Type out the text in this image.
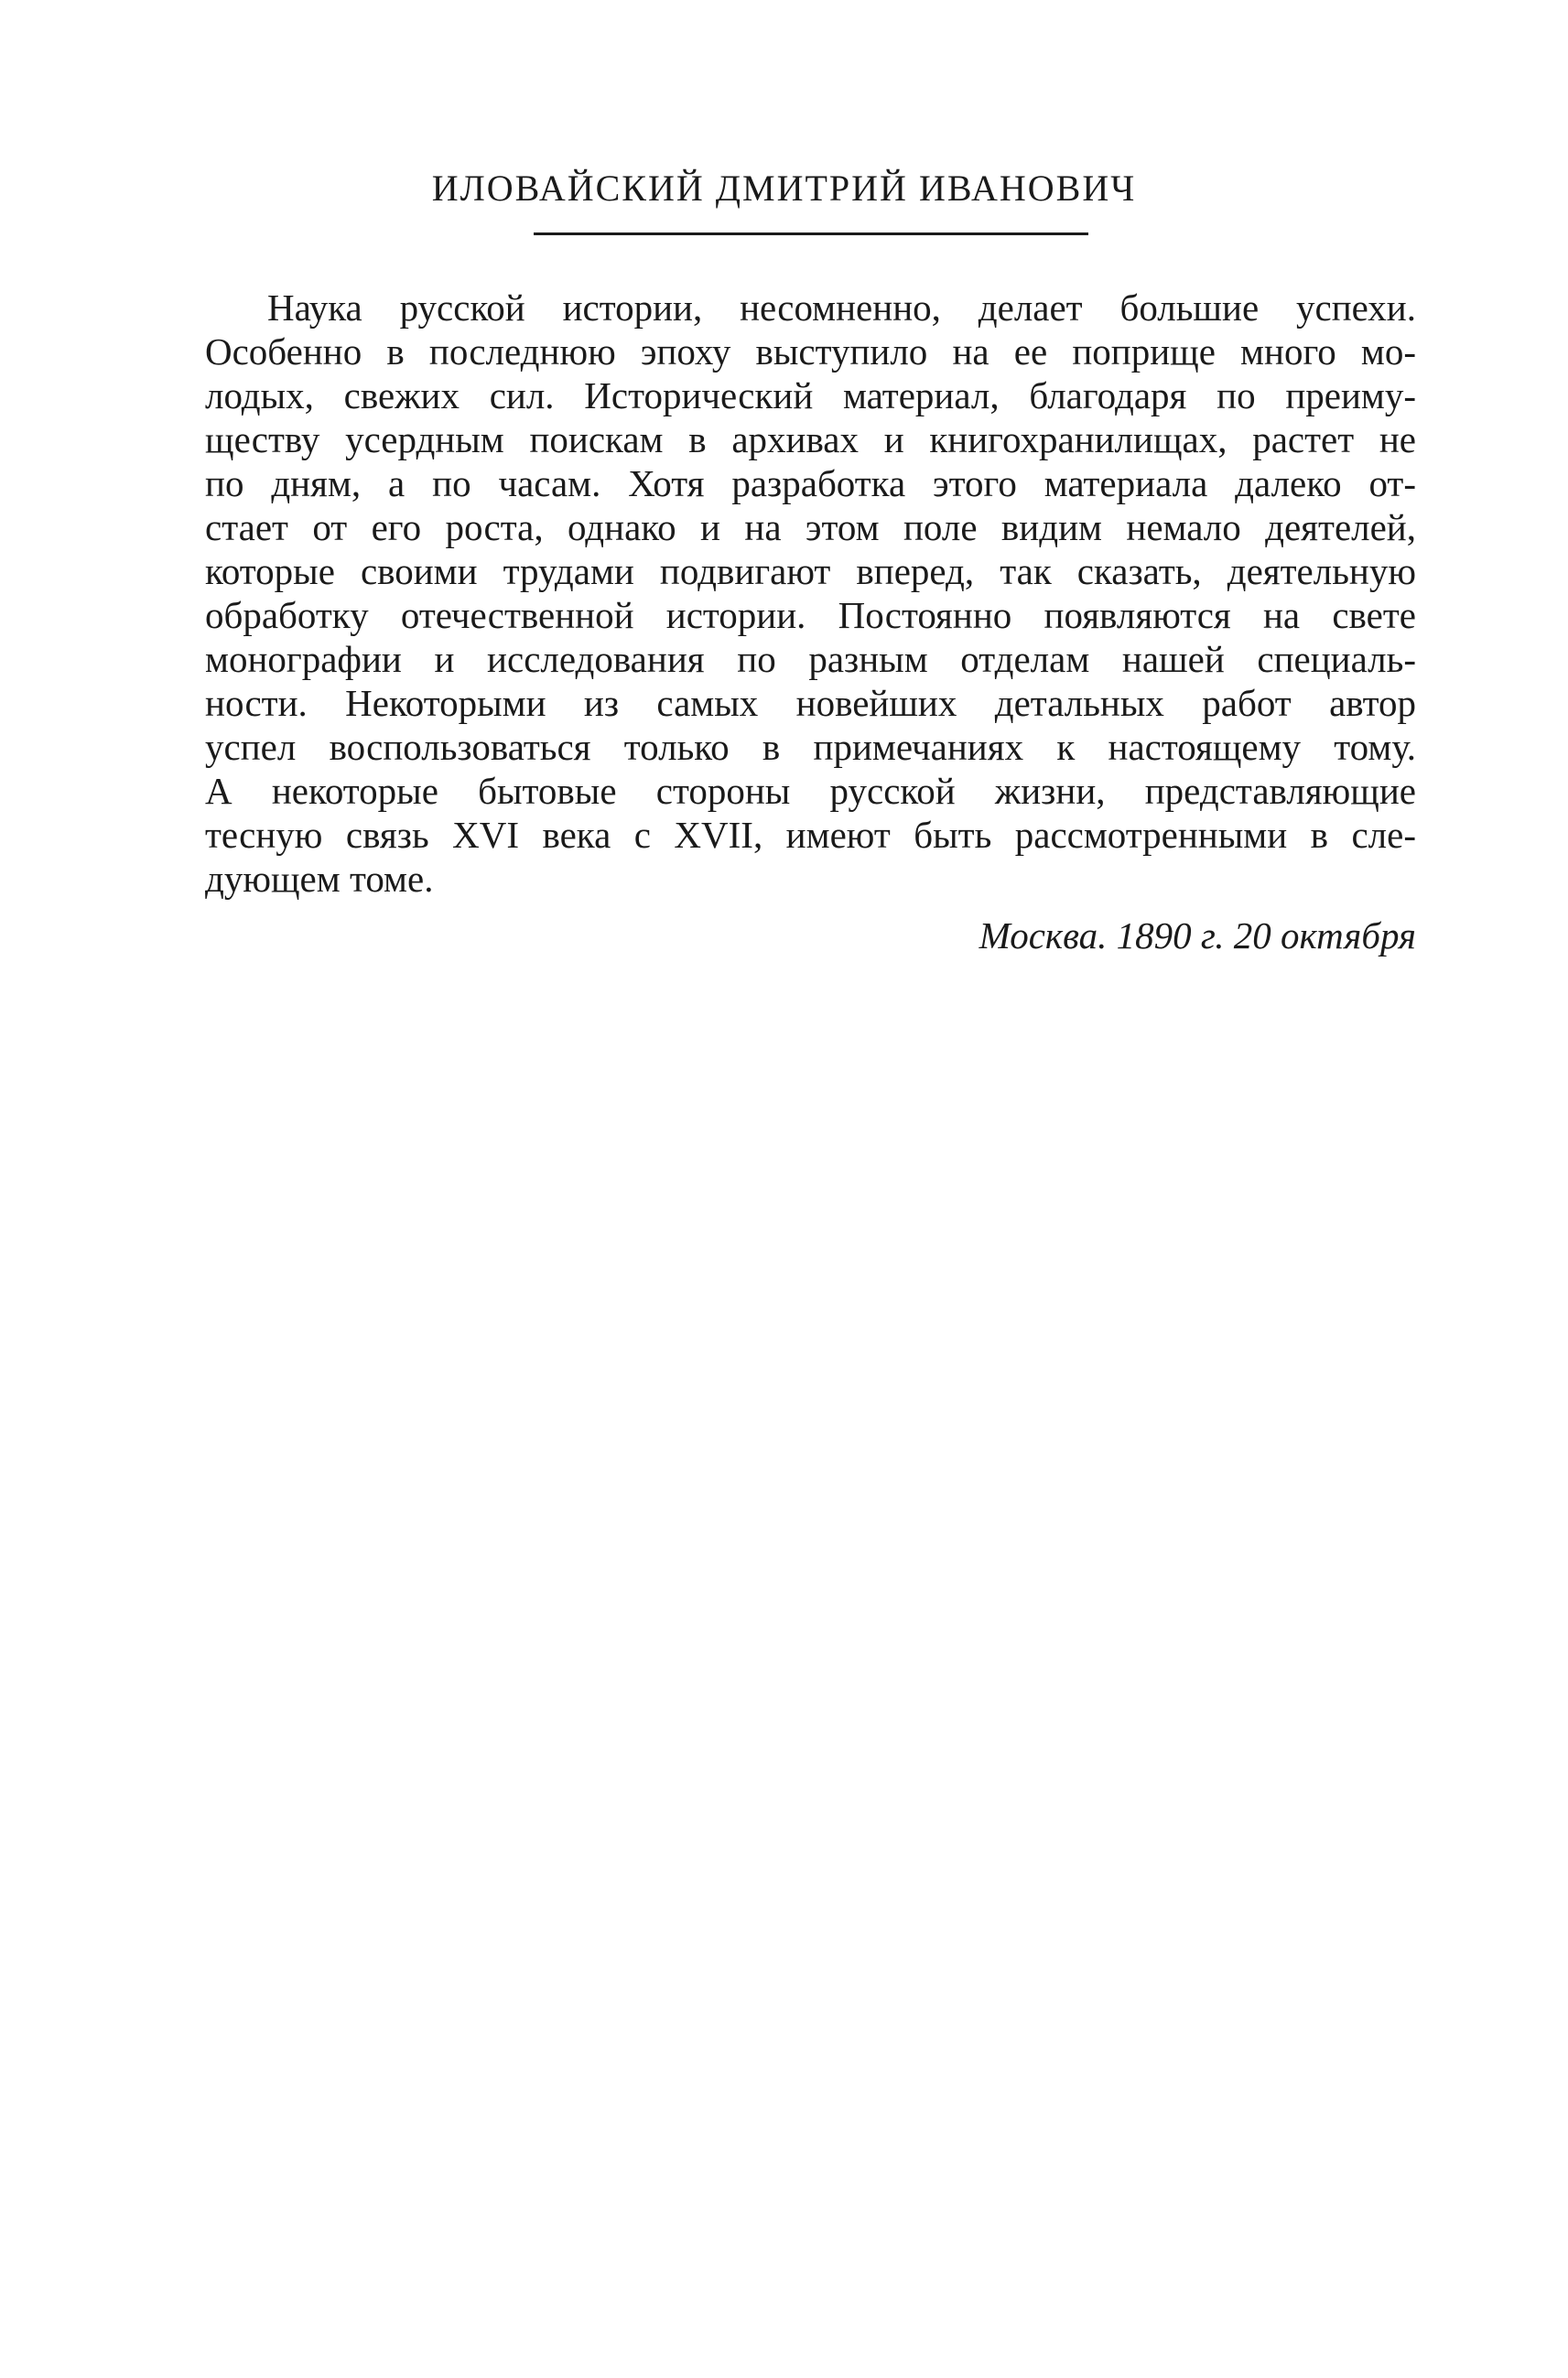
ИЛОВАЙСКИЙ ДМИТРИЙ ИВАНОВИЧ
Наука русской истории, несомненно, делает большие успехи.
Особенно в последнюю эпоху выступило на ее поприще много мо-
лодых, свежих сил. Исторический материал, благодаря по преиму-
ществу усердным поискам в архивах и книгохранилищах, растет не
по дням, а по часам. Хотя разработка этого материала далеко от-
стает от его роста, однако и на этом поле видим немало деятелей,
которые своими трудами подвигают вперед, так сказать, деятельную
обработку отечественной истории. Постоянно появляются на свете
монографии и исследования по разным отделам нашей специаль-
ности. Некоторыми из самых новейших детальных работ автор
успел воспользоваться только в примечаниях к настоящему тому.
А некоторые бытовые стороны русской жизни, представляющие
тесную связь XVI века с XVII, имеют быть рассмотренными в сле-
дующем томе.
Москва. 1890 г. 20 октября
